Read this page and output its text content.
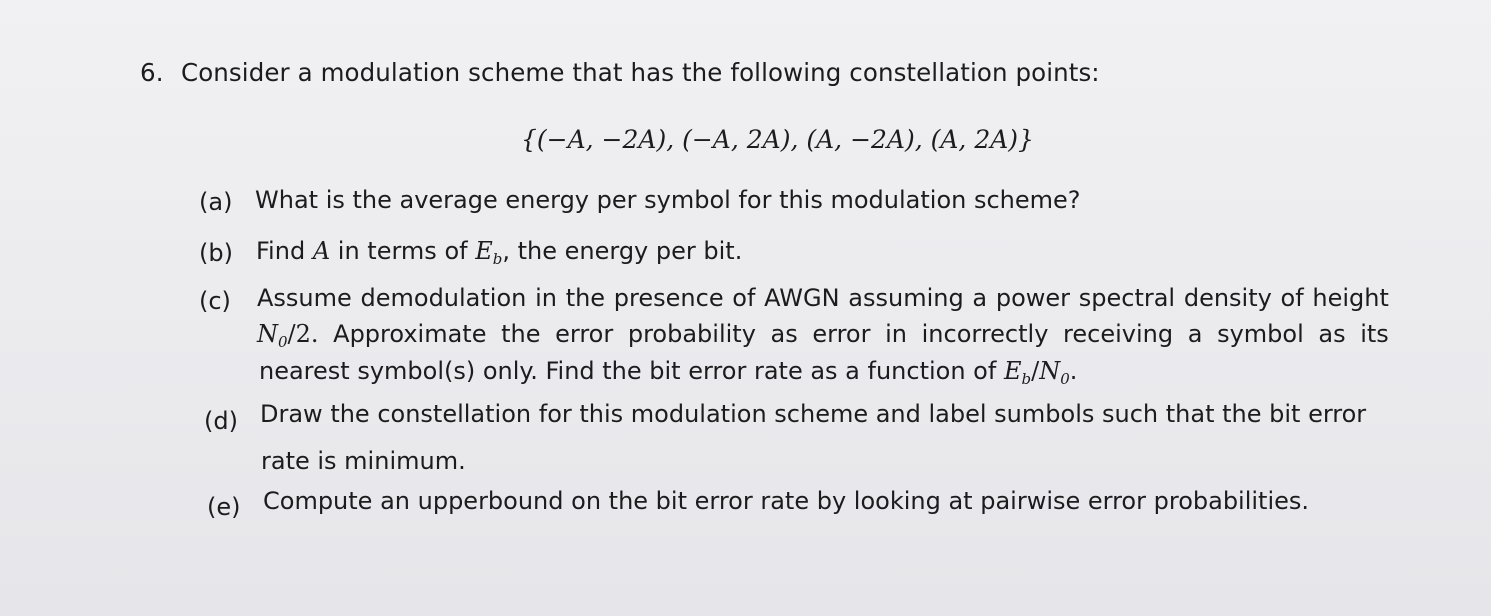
6. Consider a modulation scheme that has the following constellation points:
{(−A, −2A), (−A, 2A), (A, −2A), (A, 2A)}
(a) What is the average energy per symbol for this modulation scheme?
(b) Find A in terms of $E_b$, the energy per bit.
(c) Assume demodulation in the presence of AWGN assuming a power spectral density of height
$N_0/2$. Approximate the error probability as error in incorrectly receiving a symbol as its
nearest symbol(s) only. Find the bit error rate as a function of $E_b/N_0$.
(d) Draw the constellation for this modulation scheme and label sumbols such that the bit error
rate is minimum.
(e) Compute an upperbound on the bit error rate by looking at pairwise error probabilities.
